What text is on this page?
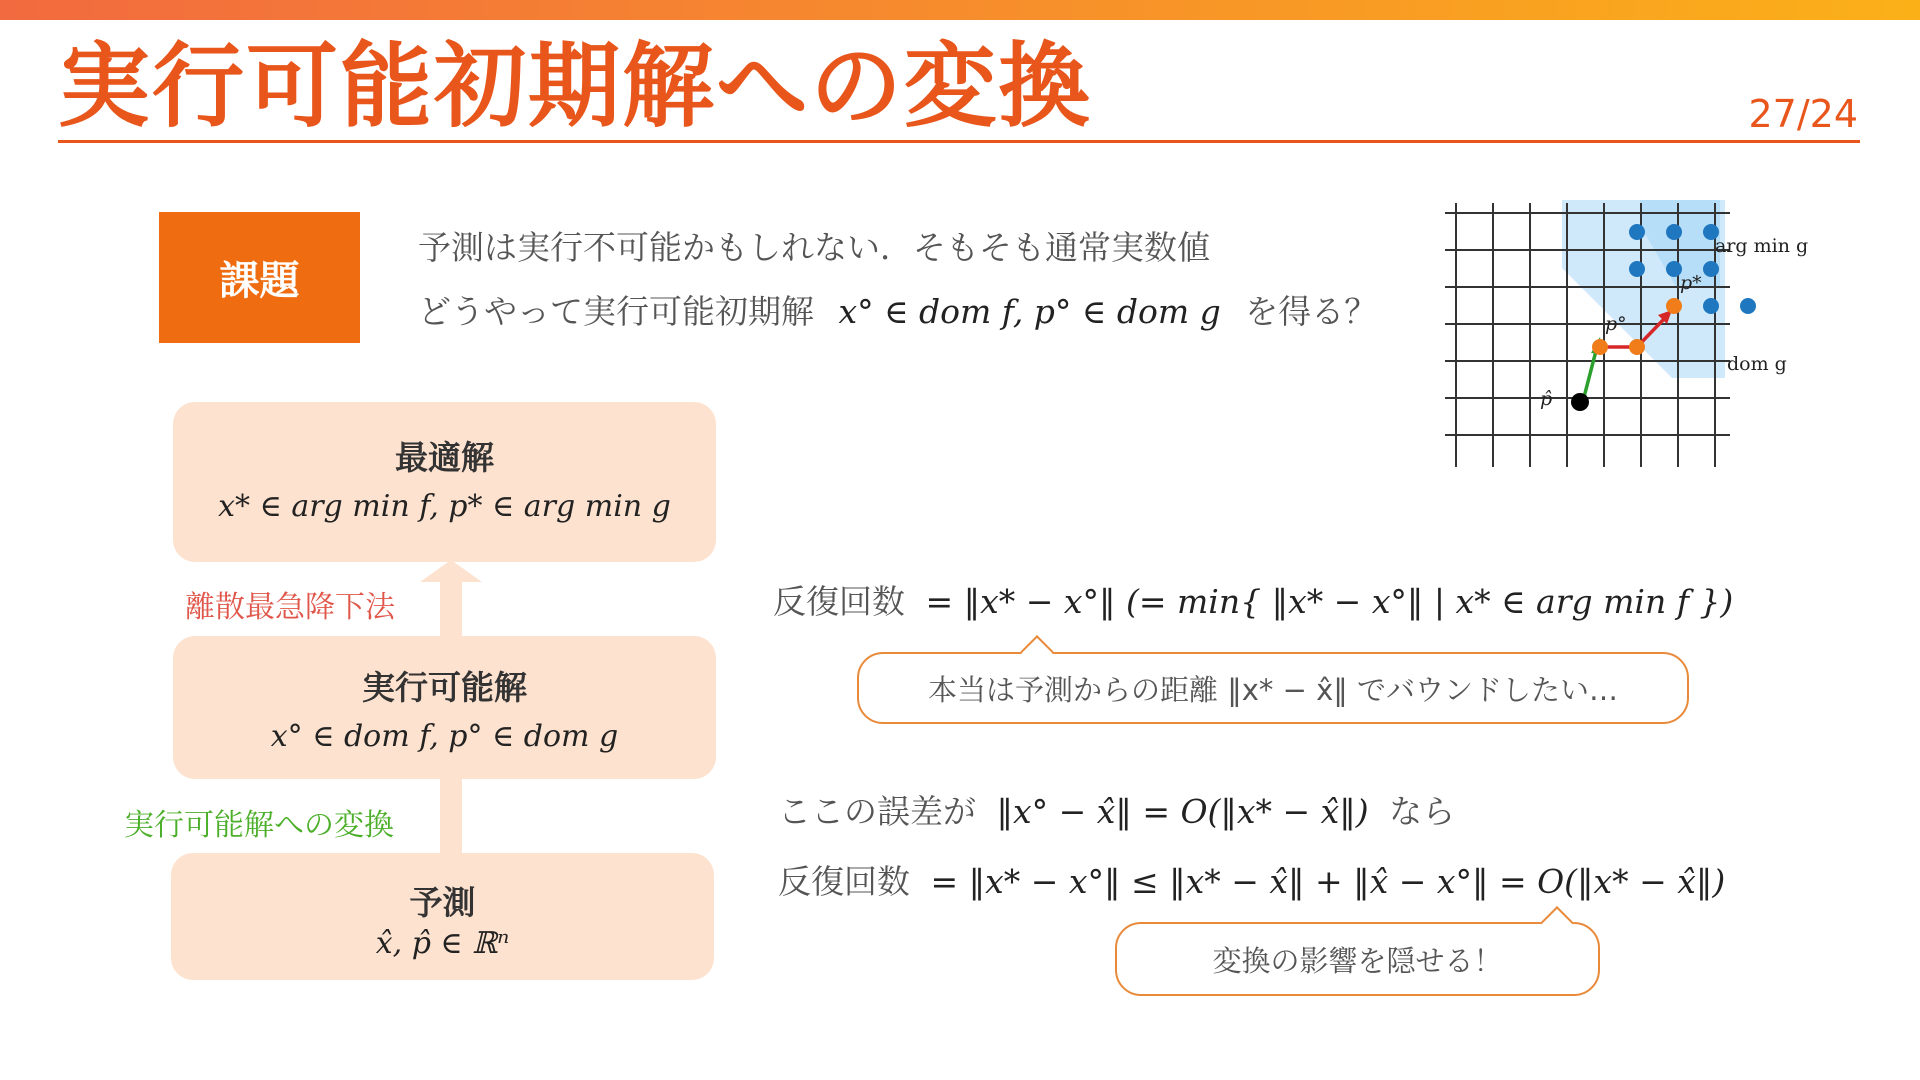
実行可能初期解への変換	27/24
課題
予測は実行不可能かもしれない．そもそも通常実数値
どうやって実行可能初期解 x° ∈ dom f, p° ∈ dom g を得る？
最適解
x* ∈ arg min f, p* ∈ arg min g
離散最急降下法
実行可能解
x° ∈ dom f, p° ∈ dom g
実行可能解への変換
予測
x̂, p̂ ∈ ℝⁿ
反復回数 = ‖x* − x°‖ (= min{ ‖x* − x°‖ | x* ∈ arg min f })
本当は予測からの距離 ‖x* − x̂‖ でバウンドしたい…
ここの誤差が ‖x° − x̂‖ = O(‖x* − x̂‖) なら
反復回数 = ‖x* − x°‖ ≤ ‖x* − x̂‖ + ‖x̂ − x°‖ = O(‖x* − x̂‖)
変換の影響を隠せる！
arg min g
dom g
p*
p°
p̂
